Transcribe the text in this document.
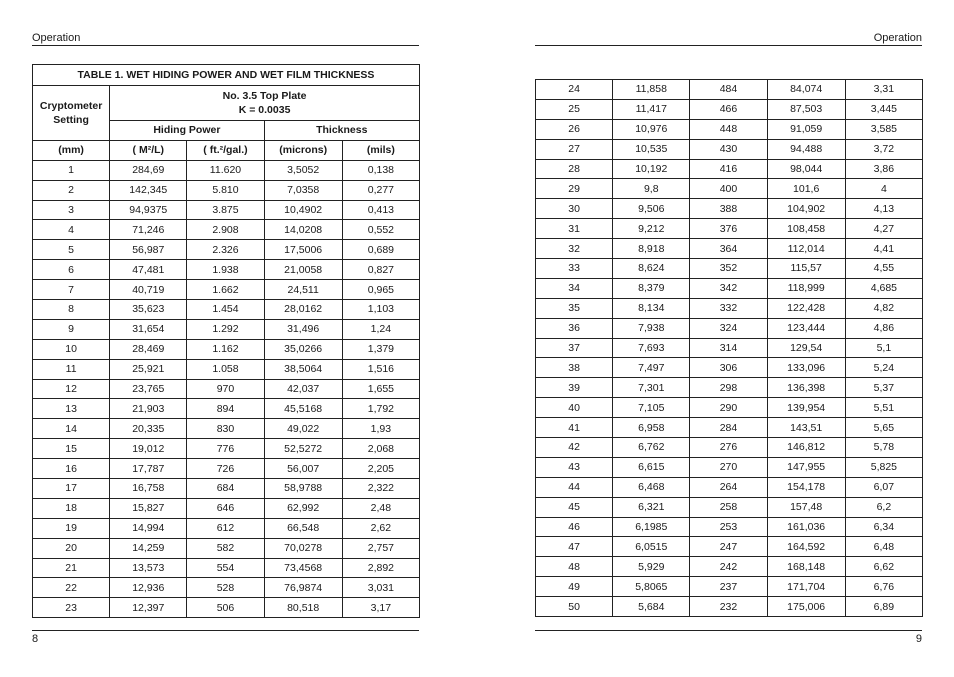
Operation
TABLE 1. WET HIDING POWER AND WET FILM THICKNESS				
Cryptometer Setting	No. 3.5 Top Plate
K = 0.0035			
	Hiding Power		Thickness	
(mm)	( M²/L)	( ft.²/gal.)	(microns)	(mils)
1	284,69	11.620	3,5052	0,138
2	142,345	5.810	7,0358	0,277
3	94,9375	3.875	10,4902	0,413
4	71,246	2.908	14,0208	0,552
5	56,987	2.326	17,5006	0,689
6	47,481	1.938	21,0058	0,827
7	40,719	1.662	24,511	0,965
8	35,623	1.454	28,0162	1,103
9	31,654	1.292	31,496	1,24
10	28,469	1.162	35,0266	1,379
11	25,921	1.058	38,5064	1,516
12	23,765	970	42,037	1,655
13	21,903	894	45,5168	1,792
14	20,335	830	49,022	1,93
15	19,012	776	52,5272	2,068
16	17,787	726	56,007	2,205
17	16,758	684	58,9788	2,322
18	15,827	646	62,992	2,48
19	14,994	612	66,548	2,62
20	14,259	582	70,0278	2,757
21	13,573	554	73,4568	2,892
22	12,936	528	76,9874	3,031
23	12,397	506	80,518	3,17
8
Operation
24	11,858	484	84,074	3,31
25	11,417	466	87,503	3,445
26	10,976	448	91,059	3,585
27	10,535	430	94,488	3,72
28	10,192	416	98,044	3,86
29	9,8	400	101,6	4
30	9,506	388	104,902	4,13
31	9,212	376	108,458	4,27
32	8,918	364	112,014	4,41
33	8,624	352	115,57	4,55
34	8,379	342	118,999	4,685
35	8,134	332	122,428	4,82
36	7,938	324	123,444	4,86
37	7,693	314	129,54	5,1
38	7,497	306	133,096	5,24
39	7,301	298	136,398	5,37
40	7,105	290	139,954	5,51
41	6,958	284	143,51	5,65
42	6,762	276	146,812	5,78
43	6,615	270	147,955	5,825
44	6,468	264	154,178	6,07
45	6,321	258	157,48	6,2
46	6,1985	253	161,036	6,34
47	6,0515	247	164,592	6,48
48	5,929	242	168,148	6,62
49	5,8065	237	171,704	6,76
50	5,684	232	175,006	6,89
9
